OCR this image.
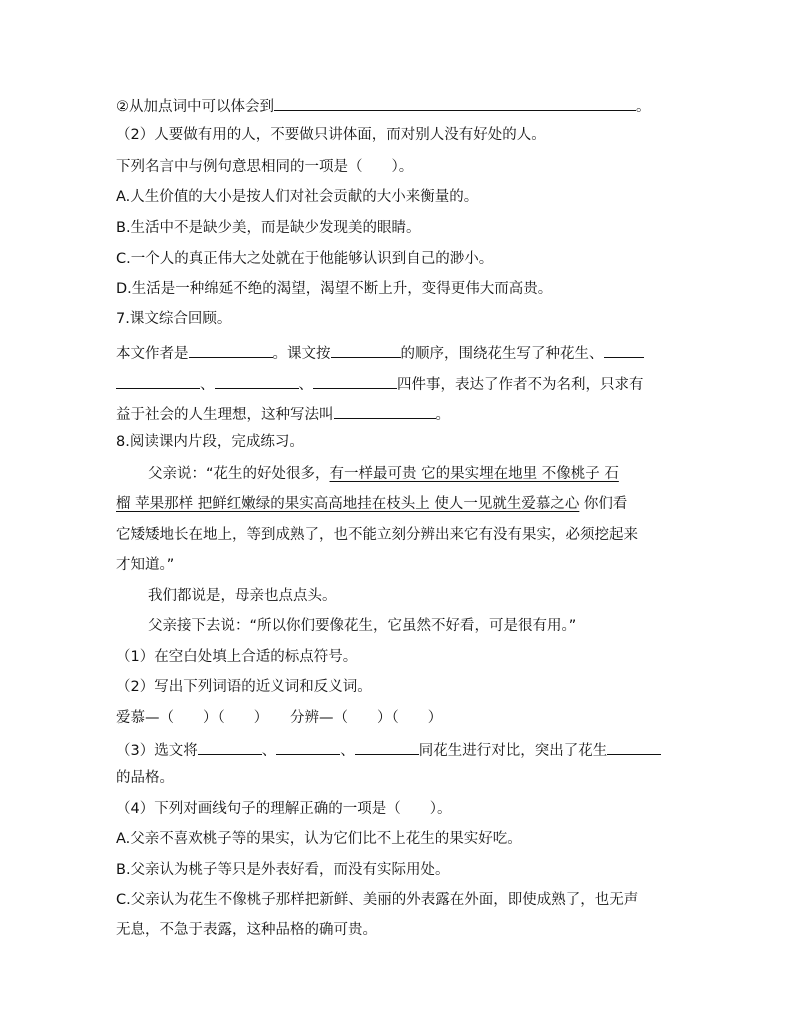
②从加点词中可以体会到	。
（2）人要做有用的人，不要做只讲体面，而对别人没有好处的人。
下列名言中与例句意思相同的一项是（　　）。
A.人生价值的大小是按人们对社会贡献的大小来衡量的。
B.生活中不是缺少美，而是缺少发现美的眼睛。
C.一个人的真正伟大之处就在于他能够认识到自己的渺小。
D.生活是一种绵延不绝的渴望，渴望不断上升，变得更伟大而高贵。
7.课文综合回顾。
本文作者是	。课文按	的顺序，围绕花生写了种花生、
、	、	四件事，表达了作者不为名利，只求有
益于社会的人生理想，这种写法叫	。
8.阅读课内片段，完成练习。
父亲说：“花生的好处很多，有一样最可贵 它的果实埋在地里 不像桃子 石
榴 苹果那样 把鲜红嫩绿的果实高高地挂在枝头上 使人一见就生爱慕之心 你们看
它矮矮地长在地上，等到成熟了，也不能立刻分辨出来它有没有果实，必须挖起来
才知道。”
我们都说是，母亲也点点头。
父亲接下去说：“所以你们要像花生，它虽然不好看，可是很有用。”
（1）在空白处填上合适的标点符号。
（2）写出下列词语的近义词和反义词。
爱慕—（　　）（　　）　　分辨—（　　）（　　）
（3）选文将	、	、	同花生进行对比，突出了花生
的品格。
（4）下列对画线句子的理解正确的一项是（　　）。
A.父亲不喜欢桃子等的果实，认为它们比不上花生的果实好吃。
B.父亲认为桃子等只是外表好看，而没有实际用处。
C.父亲认为花生不像桃子那样把新鲜、美丽的外表露在外面，即使成熟了，也无声
无息，不急于表露，这种品格的确可贵。
